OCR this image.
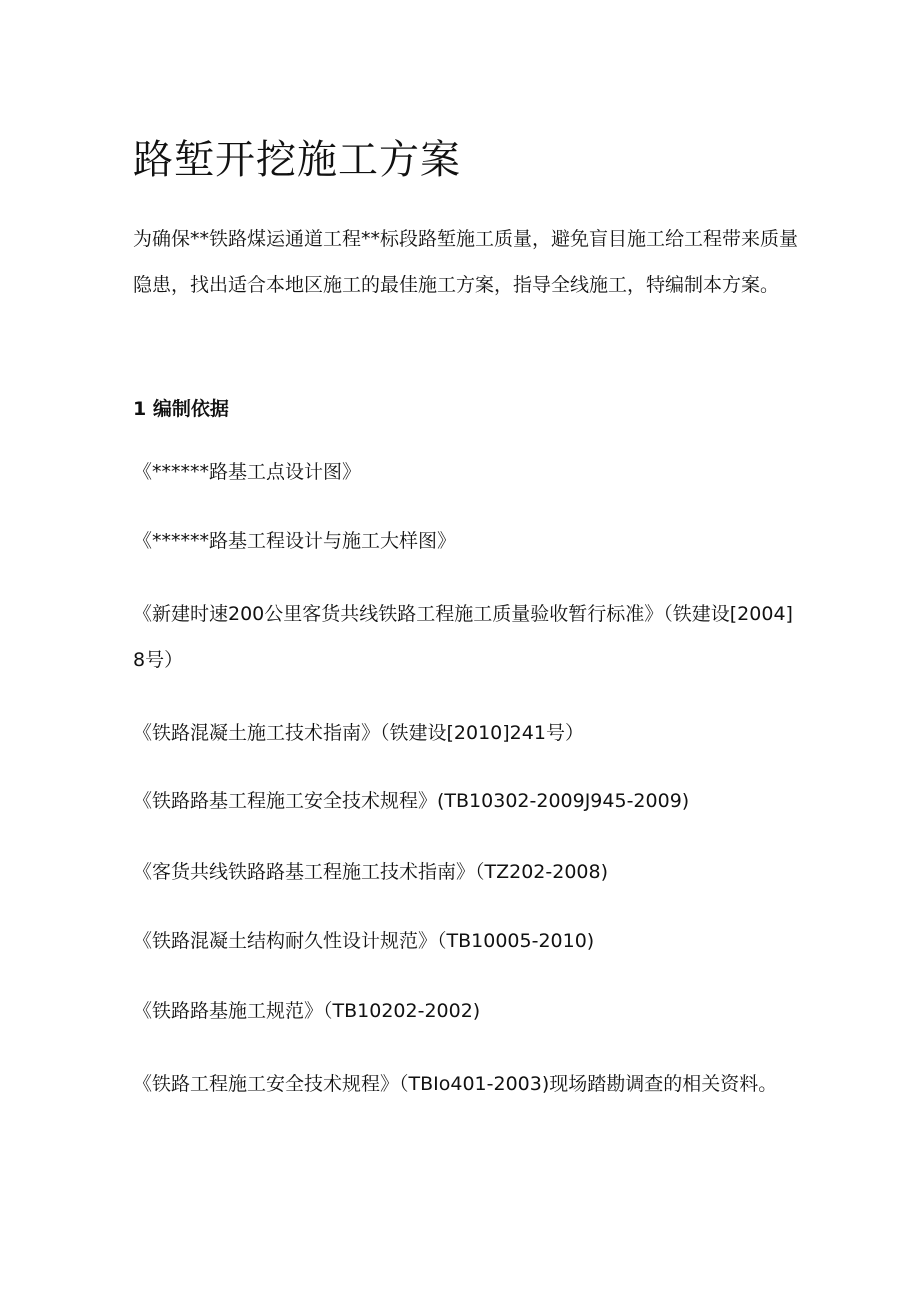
路堑开挖施工方案

为确保**铁路煤运通道工程**标段路堑施工质量，避免盲目施工给工程带来质量隐患，找出适合本地区施工的最佳施工方案，指导全线施工，特编制本方案。

1 编制依据

《******路基工点设计图》

《******路基工程设计与施工大样图》

《新建时速200公里客货共线铁路工程施工质量验收暂行标准》（铁建设[2004]8号）

《铁路混凝土施工技术指南》（铁建设[2010]241号）

《铁路路基工程施工安全技术规程》(TB10302-2009J945-2009)

《客货共线铁路路基工程施工技术指南》（TZ202-2008)

《铁路混凝土结构耐久性设计规范》（TB10005-2010)

《铁路路基施工规范》（TB10202-2002)

《铁路工程施工安全技术规程》（TBIo401-2003)现场踏勘调查的相关资料。
